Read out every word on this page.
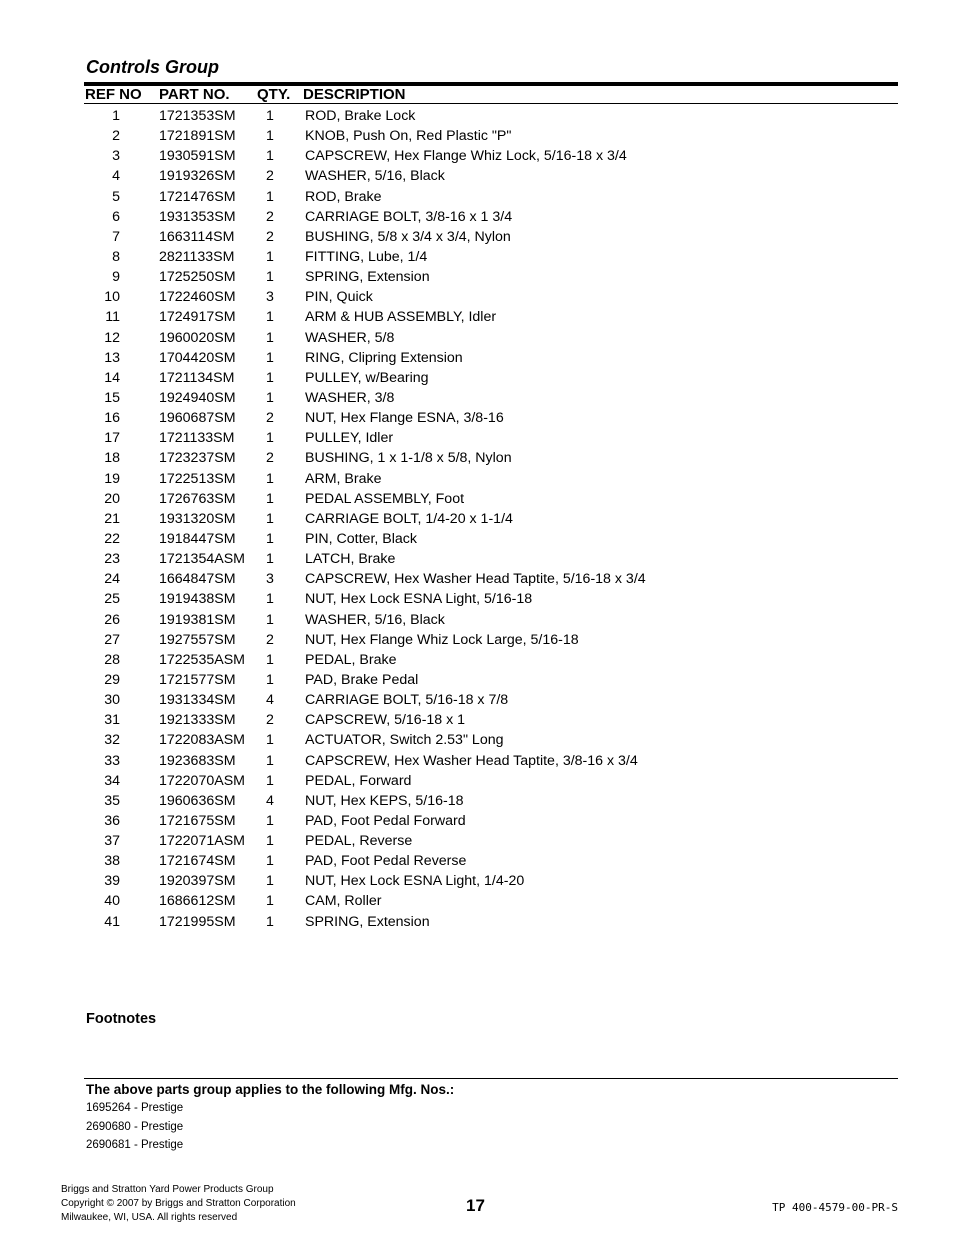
Controls Group
REF NO PART NO. QTY. DESCRIPTION
1	1721353SM 1 ROD, Brake Lock
2	1721891SM 1 KNOB, Push On, Red Plastic "P"
3	1930591SM 1 CAPSCREW, Hex Flange Whiz Lock, 5/16-18 x 3/4
4	1919326SM 2 WASHER, 5/16, Black
5	1721476SM 1 ROD, Brake
6	1931353SM 2 CARRIAGE BOLT, 3/8-16 x 1 3/4
7	1663114SM 2 BUSHING, 5/8 x 3/4 x 3/4, Nylon
8	2821133SM 1 FITTING, Lube, 1/4
9	1725250SM 1 SPRING, Extension
10	1722460SM 3 PIN, Quick
11	1724917SM 1 ARM & HUB ASSEMBLY, Idler
12	1960020SM 1 WASHER, 5/8
13	1704420SM 1 RING, Clipring Extension
14	1721134SM 1 PULLEY, w/Bearing
15	1924940SM 1 WASHER, 3/8
16	1960687SM 2 NUT, Hex Flange ESNA, 3/8-16
17	1721133SM 1 PULLEY, Idler
18	1723237SM 2 BUSHING, 1 x 1-1/8 x 5/8, Nylon
19	1722513SM 1 ARM, Brake
20	1726763SM 1 PEDAL ASSEMBLY, Foot
21	1931320SM 1 CARRIAGE BOLT, 1/4-20 x 1-1/4
22	1918447SM 1 PIN, Cotter, Black
23	1721354ASM 1 LATCH, Brake
24	1664847SM 3 CAPSCREW, Hex Washer Head Taptite, 5/16-18 x 3/4
25	1919438SM 1 NUT, Hex Lock ESNA Light, 5/16-18
26	1919381SM 1 WASHER, 5/16, Black
27	1927557SM 2 NUT, Hex Flange Whiz Lock Large, 5/16-18
28	1722535ASM 1 PEDAL, Brake
29	1721577SM 1 PAD, Brake Pedal
30	1931334SM 4 CARRIAGE BOLT, 5/16-18 x 7/8
31	1921333SM 2 CAPSCREW, 5/16-18 x 1
32	1722083ASM 1 ACTUATOR, Switch 2.53" Long
33	1923683SM 1 CAPSCREW, Hex Washer Head Taptite, 3/8-16 x 3/4
34	1722070ASM 1 PEDAL, Forward
35	1960636SM 4 NUT, Hex KEPS, 5/16-18
36	1721675SM 1 PAD, Foot Pedal Forward
37	1722071ASM 1 PEDAL, Reverse
38	1721674SM 1 PAD, Foot Pedal Reverse
39	1920397SM 1 NUT, Hex Lock ESNA Light, 1/4-20
40	1686612SM 1 CAM, Roller
41	1721995SM 1 SPRING, Extension
Footnotes
The above parts group applies to the following Mfg. Nos.:
1695264 - Prestige
2690680 - Prestige
2690681 - Prestige
Briggs and Stratton Yard Power Products Group
Copyright © 2007 by Briggs and Stratton Corporation
Milwaukee, WI, USA. All rights reserved
17	TP 400-4579-00-PR-S
